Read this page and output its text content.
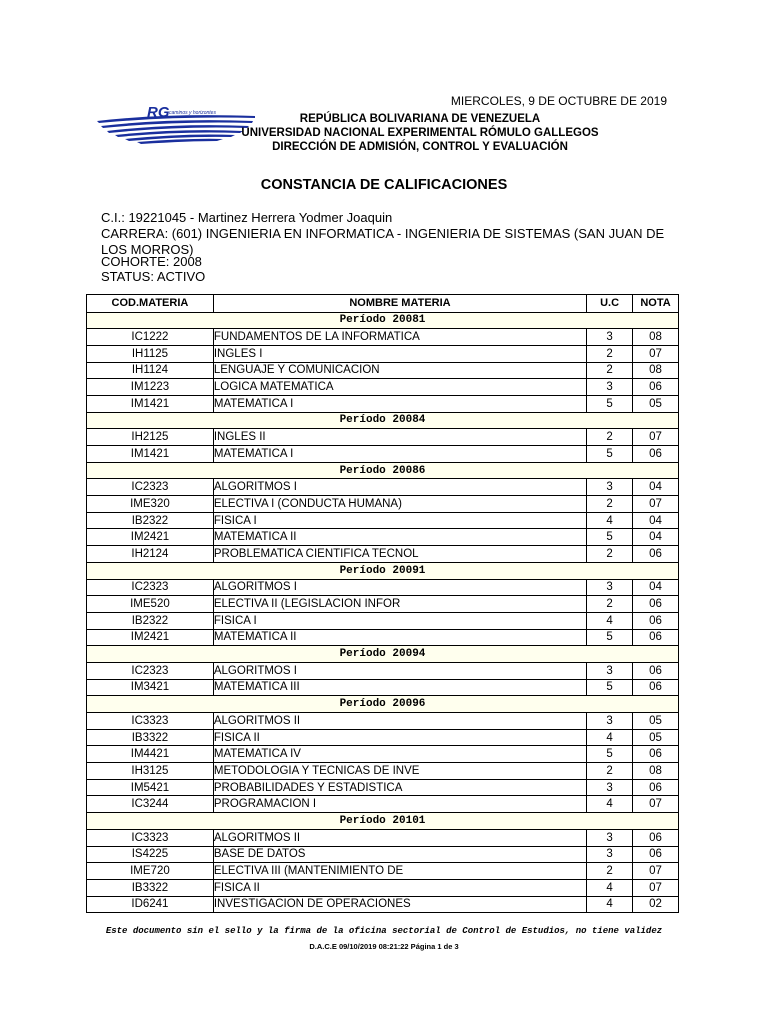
MIERCOLES, 9 DE OCTUBRE DE 2019
RG caminos y horizontes	REPÚBLICA BOLIVARIANA DE VENEZUELA
UNIVERSIDAD NACIONAL EXPERIMENTAL RÓMULO GALLEGOS
DIRECCIÓN DE ADMISIÓN, CONTROL Y EVALUACIÓN
CONSTANCIA DE CALIFICACIONES
C.I.: 19221045 - Martinez Herrera Yodmer Joaquin
CARRERA: (601) INGENIERIA EN INFORMATICA - INGENIERIA DE SISTEMAS (SAN JUAN DE LOS MORROS)
COHORTE: 2008
STATUS: ACTIVO
COD.MATERIA	NOMBRE MATERIA	U.C	NOTA
Período 20081			
IC1222	FUNDAMENTOS DE LA INFORMATICA	3	08
IH1125	INGLES I	2	07
IH1124	LENGUAJE Y COMUNICACION	2	08
IM1223	LOGICA MATEMATICA	3	06
IM1421	MATEMATICA I	5	05
Período 20084			
IH2125	INGLES II	2	07
IM1421	MATEMATICA I	5	06
Período 20086			
IC2323	ALGORITMOS I	3	04
IME320	ELECTIVA I (CONDUCTA HUMANA)	2	07
IB2322	FISICA I	4	04
IM2421	MATEMATICA II	5	04
IH2124	PROBLEMATICA CIENTIFICA TECNOL	2	06
Período 20091			
IC2323	ALGORITMOS I	3	04
IME520	ELECTIVA II (LEGISLACION INFOR	2	06
IB2322	FISICA I	4	06
IM2421	MATEMATICA II	5	06
Período 20094			
IC2323	ALGORITMOS I	3	06
IM3421	MATEMATICA III	5	06
Período 20096			
IC3323	ALGORITMOS II	3	05
IB3322	FISICA II	4	05
IM4421	MATEMATICA IV	5	06
IH3125	METODOLOGIA Y TECNICAS DE INVE	2	08
IM5421	PROBABILIDADES Y ESTADISTICA	3	06
IC3244	PROGRAMACION I	4	07
Período 20101			
IC3323	ALGORITMOS II	3	06
IS4225	BASE DE DATOS	3	06
IME720	ELECTIVA III (MANTENIMIENTO DE	2	07
IB3322	FISICA II	4	07
ID6241	INVESTIGACION DE OPERACIONES	4	02
Este documento sin el sello y la firma de la oficina sectorial de Control de Estudios, no tiene validez
D.A.C.E 09/10/2019 08:21:22 Página 1 de 3
